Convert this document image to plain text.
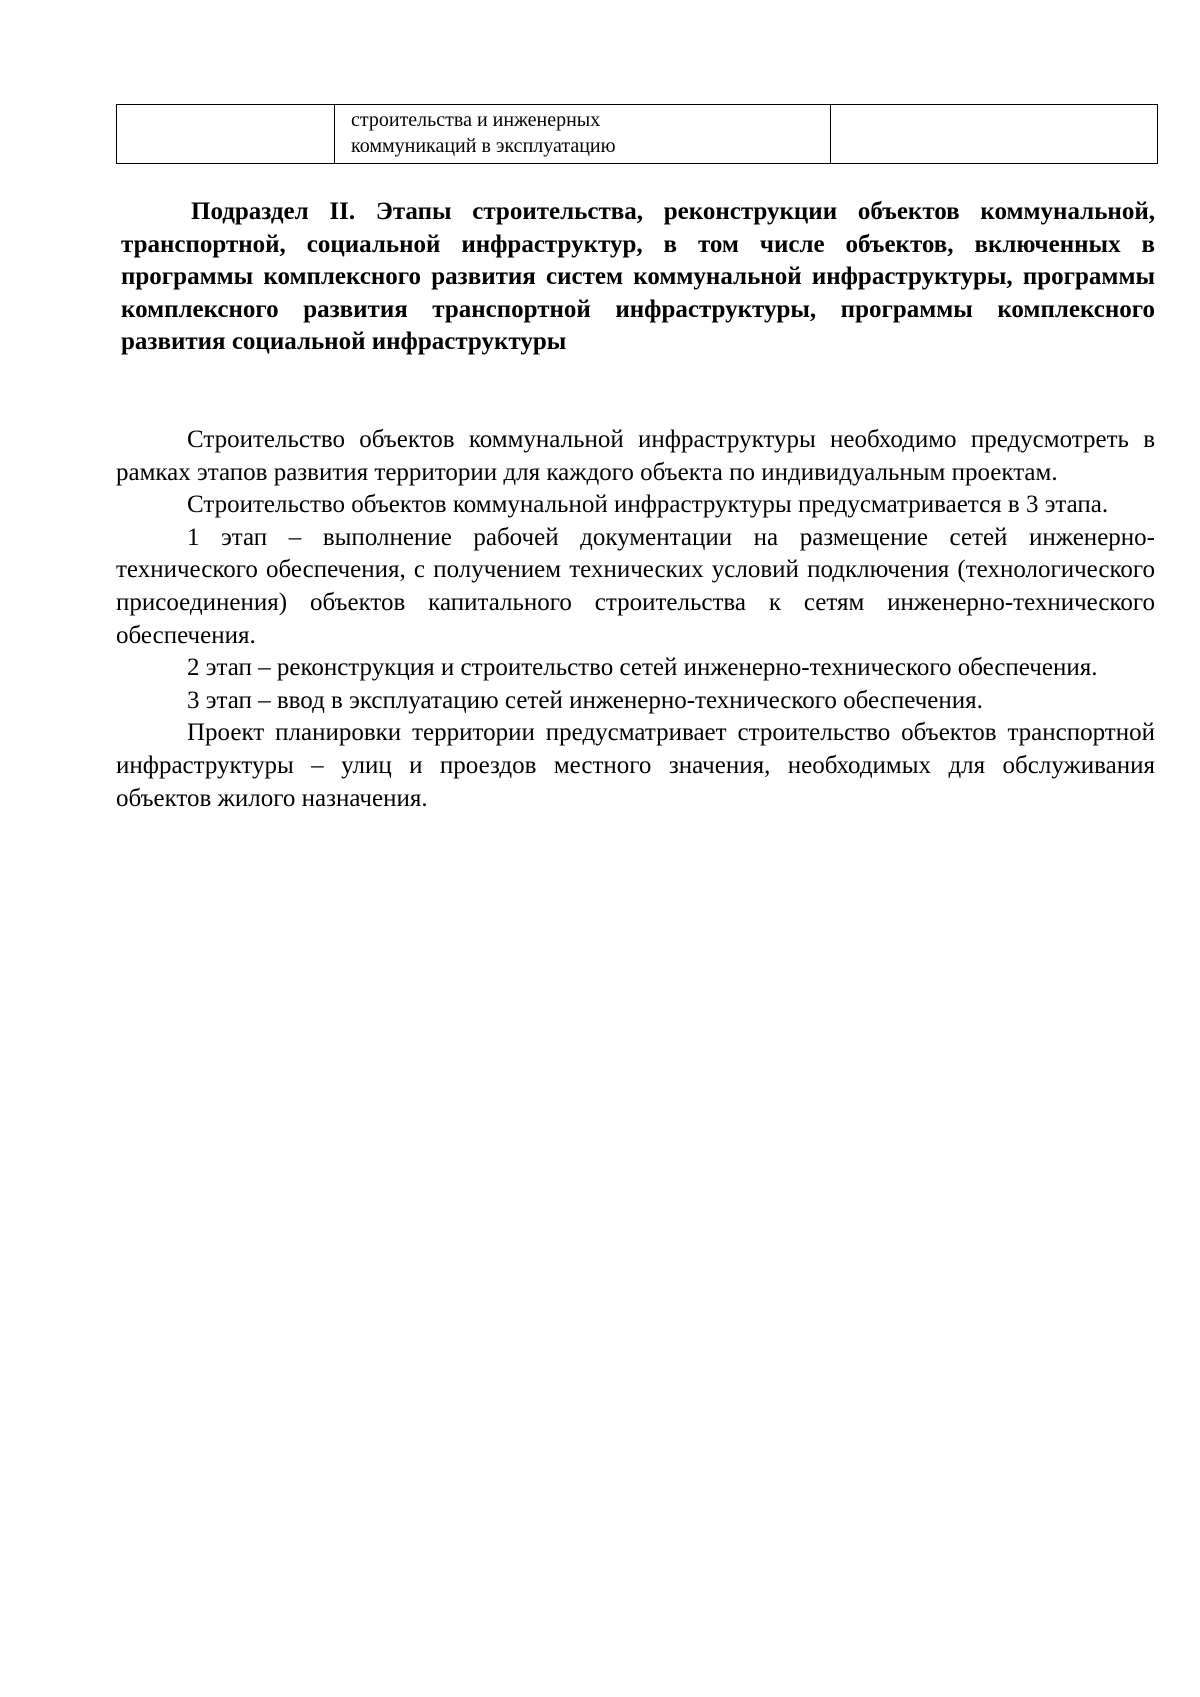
строительства и инженерных
коммуникаций в эксплуатацию

Подраздел II. Этапы строительства, реконструкции объектов коммунальной, транспортной, социальной инфраструктур, в том числе объектов, включенных в программы комплексного развития систем коммунальной инфраструктуры, программы комплексного развития транспортной инфраструктуры, программы комплексного развития социальной инфраструктуры

Строительство объектов коммунальной инфраструктуры необходимо предусмотреть в рамках этапов развития территории для каждого объекта по индивидуальным проектам.

Строительство объектов коммунальной инфраструктуры предусматривается в 3 этапа.

1 этап – выполнение рабочей документации на размещение сетей инженерно-технического обеспечения, с получением технических условий подключения (технологического присоединения) объектов капитального строительства к сетям инженерно-технического обеспечения.

2 этап – реконструкция и строительство сетей инженерно-технического обеспечения.

3 этап – ввод в эксплуатацию сетей инженерно-технического обеспечения.

Проект планировки территории предусматривает строительство объектов транспортной инфраструктуры – улиц и проездов местного значения, необходимых для обслуживания объектов жилого назначения.
